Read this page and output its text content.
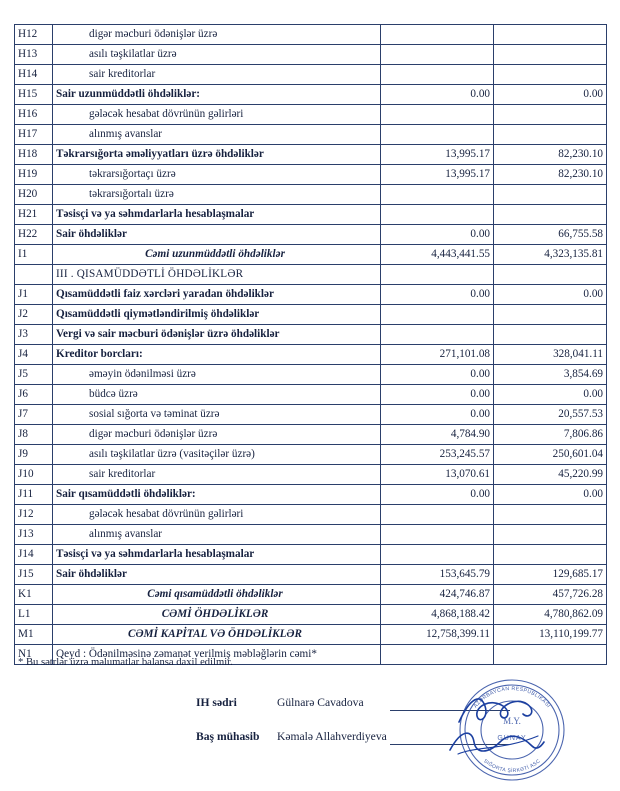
H12	digər məcburi ödənişlər üzrə		
H13	asılı təşkilatlar üzrə		
H14	sair kreditorlar		
H15	Sair uzunmüddətli öhdəliklər:	0.00	0.00
H16	gələcək hesabat dövrünün gəlirləri		
H17	alınmış avanslar		
H18	Təkrarsığorta əməliyyatları üzrə öhdəliklər	13,995.17	82,230.10
H19	təkrarsığortaçı üzrə	13,995.17	82,230.10
H20	təkrarsığortalı üzrə		
H21	Təsisçi və ya səhmdarlarla hesablaşmalar		
H22	Sair öhdəliklər	0.00	66,755.58
I1	Cəmi uzunmüddətli öhdəliklər	4,443,441.55	4,323,135.81
	III . QISAMÜDDƏTLİ ÖHDƏLİKLƏR		
J1	Qısamüddətli faiz xərcləri yaradan öhdəliklər	0.00	0.00
J2	Qısamüddətli qiymətləndirilmiş öhdəliklər		
J3	Vergi və sair məcburi ödənişlər üzrə öhdəliklər		
J4	Kreditor borcları:	271,101.08	328,041.11
J5	əməyin ödənilməsi üzrə	0.00	3,854.69
J6	büdcə üzrə	0.00	0.00
J7	sosial sığorta və təminat üzrə	0.00	20,557.53
J8	digər məcburi ödənişlər üzrə	4,784.90	7,806.86
J9	asılı təşkilatlar üzrə (vasitəçilər üzrə)	253,245.57	250,601.04
J10	sair kreditorlar	13,070.61	45,220.99
J11	Sair qısamüddətli öhdəliklər:	0.00	0.00
J12	gələcək hesabat dövrünün gəlirləri		
J13	alınmış avanslar		
J14	Təsisçi və ya səhmdarlarla hesablaşmalar		
J15	Sair öhdəliklər	153,645.79	129,685.17
K1	Cəmi qısamüddətli öhdəliklər	424,746.87	457,726.28
L1	CƏMİ ÖHDƏLİKLƏR	4,868,188.42	4,780,862.09
M1	CƏMİ KAPİTAL VƏ ÖHDƏLİKLƏR	12,758,399.11	13,110,199.77
N1	Qeyd : Ödənilməsinə zəmanət verilmiş məbləğlərin cəmi*		
* Bu sətrlər üzrə məlumatlar balansa daxil edilmir.
IH sədri	Gülnarə Cavadova
Baş mühasib Kəmalə Allahverdiyeva
AZƏRBAYCAN RESPUBLİKASI
SIĞORTA ŞİRKƏTİ ASC
M.Y.
GÜNAY
